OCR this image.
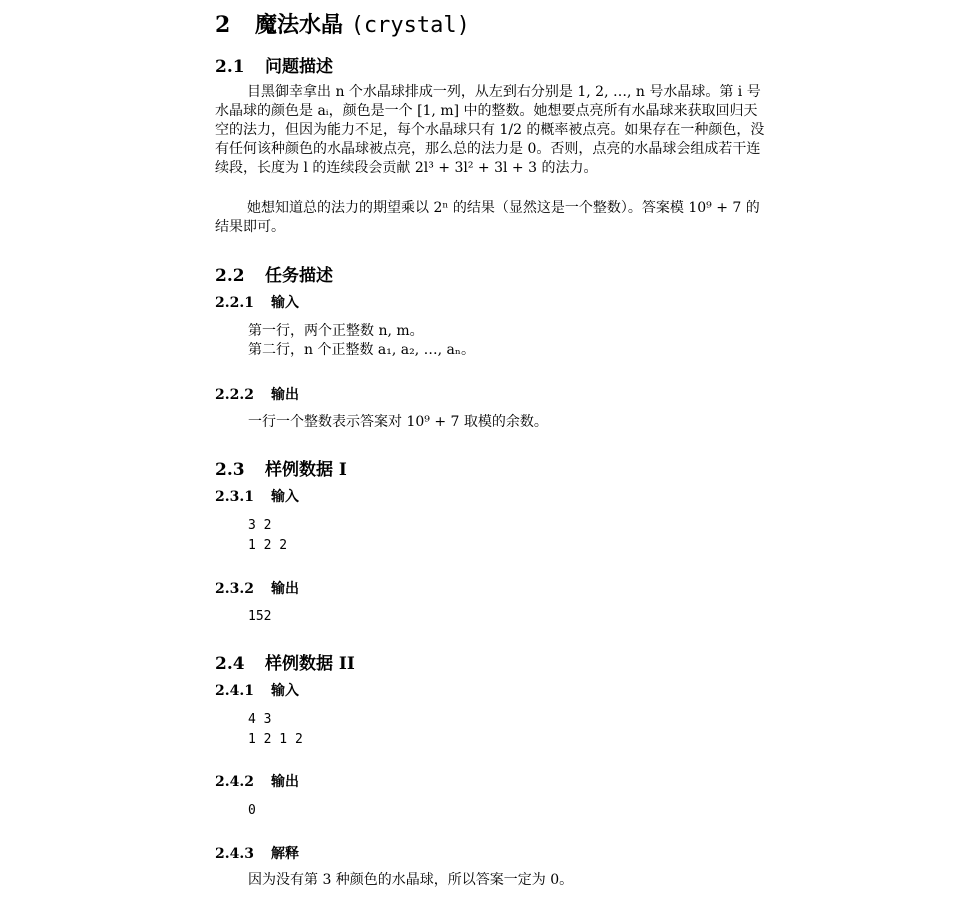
2 魔法水晶 (crystal)
2.1 问题描述
目黑御幸拿出 n 个水晶球排成一列，从左到右分别是 1, 2, …, n 号水晶球。第 i 号水晶球的颜色是 aᵢ，颜色是一个 [1, m] 中的整数。她想要点亮所有水晶球来获取回归天空的法力，但因为能力不足，每个水晶球只有 1/2 的概率被点亮。如果存在一种颜色，没有任何该种颜色的水晶球被点亮，那么总的法力是 0。否则，点亮的水晶球会组成若干连续段，长度为 l 的连续段会贡献 2l³ + 3l² + 3l + 3 的法力。
她想知道总的法力的期望乘以 2ⁿ 的结果（显然这是一个整数）。答案模 10⁹ + 7 的结果即可。
2.2 任务描述
2.2.1 输入
第一行，两个正整数 n, m。
第二行，n 个正整数 a₁, a₂, …, aₙ。
2.2.2 输出
一行一个整数表示答案对 10⁹ + 7 取模的余数。
2.3 样例数据 I
2.3.1 输入
3 2
1 2 2
2.3.2 输出
152
2.4 样例数据 II
2.4.1 输入
4 3
1 2 1 2
2.4.2 输出
0
2.4.3 解释
因为没有第 3 种颜色的水晶球，所以答案一定为 0。
